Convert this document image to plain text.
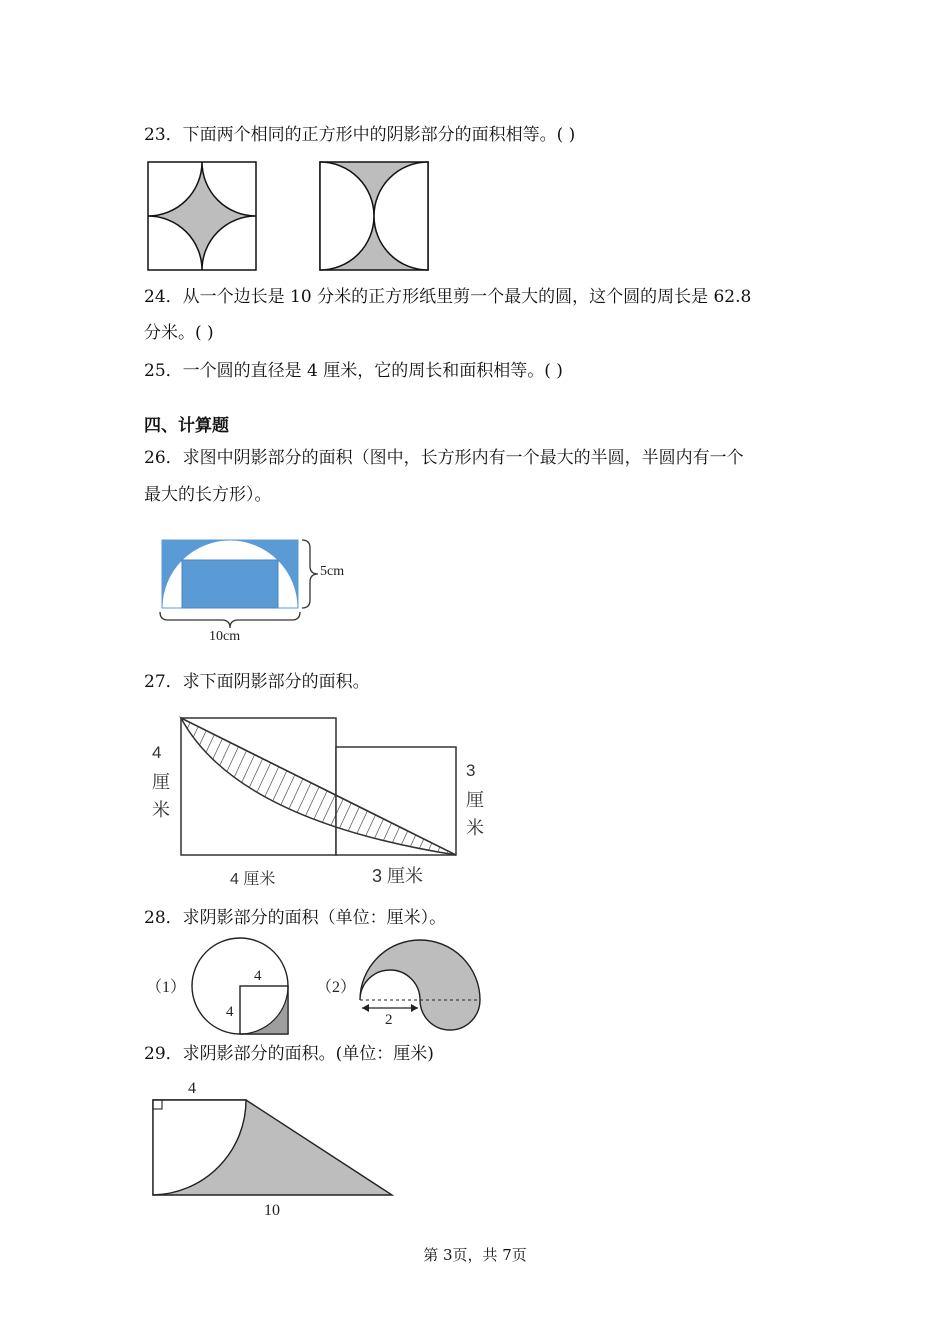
23．下面两个相同的正方形中的阴影部分的面积相等。( )
24．从一个边长是 10 分米的正方形纸里剪一个最大的圆，这个圆的周长是 62.8
分米。( )
25．一个圆的直径是 4 厘米，它的周长和面积相等。( )
四、计算题
26．求图中阴影部分的面积（图中，长方形内有一个最大的半圆，半圆内有一个
最大的长方形）。
5cm
10cm
27．求下面阴影部分的面积。
4
厘
米
3
厘
米
4 厘米	3 厘米
28．求阴影部分的面积（单位：厘米）。
（1）
4
4
（2）
2
29．求阴影部分的面积。(单位：厘米)
4
10
第 3页，共 7页
